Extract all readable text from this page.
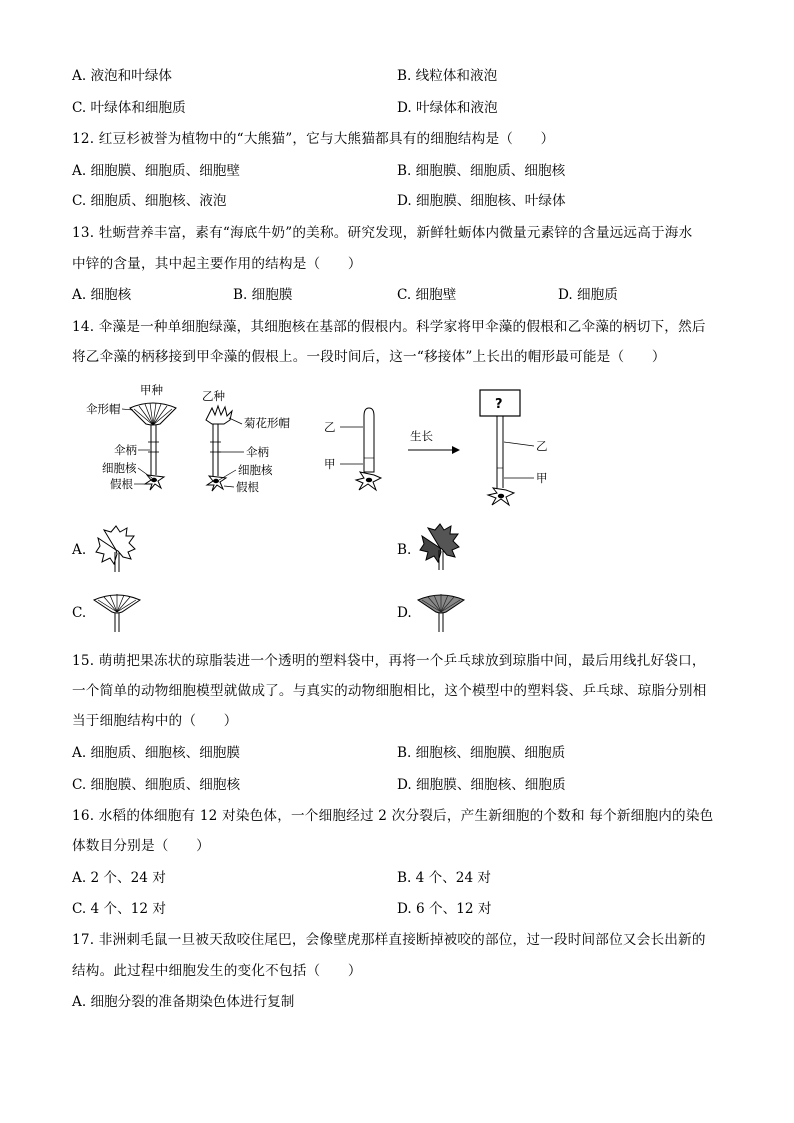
A. 液泡和叶绿体	B. 线粒体和液泡
C. 叶绿体和细胞质	D. 叶绿体和液泡
12. 红豆杉被誉为植物中的“大熊猫”，它与大熊猫都具有的细胞结构是（　　）
A. 细胞膜、细胞质、细胞壁	B. 细胞膜、细胞质、细胞核
C. 细胞质、细胞核、液泡	D. 细胞膜、细胞核、叶绿体
13. 牡蛎营养丰富，素有“海底牛奶”的美称。研究发现，新鲜牡蛎体内微量元素锌的含量远远高于海水
中锌的含量，其中起主要作用的结构是（　　）
A. 细胞核	B. 细胞膜	C. 细胞壁	D. 细胞质
14. 伞藻是一种单细胞绿藻，其细胞核在基部的假根内。科学家将甲伞藻的假根和乙伞藻的柄切下，然后
将乙伞藻的柄移接到甲伞藻的假根上。一段时间后，这一“移接体”上长出的帽形最可能是（　　）
甲种
伞形帽
伞柄
细胞核
假根
乙种
菊花形帽
伞柄
细胞核
假根
乙
甲
生长
?
乙
甲
A.	B.
C.	D.
15. 萌萌把果冻状的琼脂装进一个透明的塑料袋中，再将一个乒乓球放到琼脂中间，最后用线扎好袋口，
一个简单的动物细胞模型就做成了。与真实的动物细胞相比，这个模型中的塑料袋、乒乓球、琼脂分别相
当于细胞结构中的（　　）
A. 细胞质、细胞核、细胞膜	B. 细胞核、细胞膜、细胞质
C. 细胞膜、细胞质、细胞核	D. 细胞膜、细胞核、细胞质
16. 水稻的体细胞有 12 对染色体，一个细胞经过 2 次分裂后，产生新细胞的个数和 每个新细胞内的染色
体数目分别是（　　）
A. 2 个、24 对	B. 4 个、24 对
C. 4 个、12 对	D. 6 个、12 对
17. 非洲刺毛鼠一旦被天敌咬住尾巴，会像壁虎那样直接断掉被咬的部位，过一段时间部位又会长出新的
结构。此过程中细胞发生的变化不包括（　　）
A. 细胞分裂的准备期染色体进行复制
